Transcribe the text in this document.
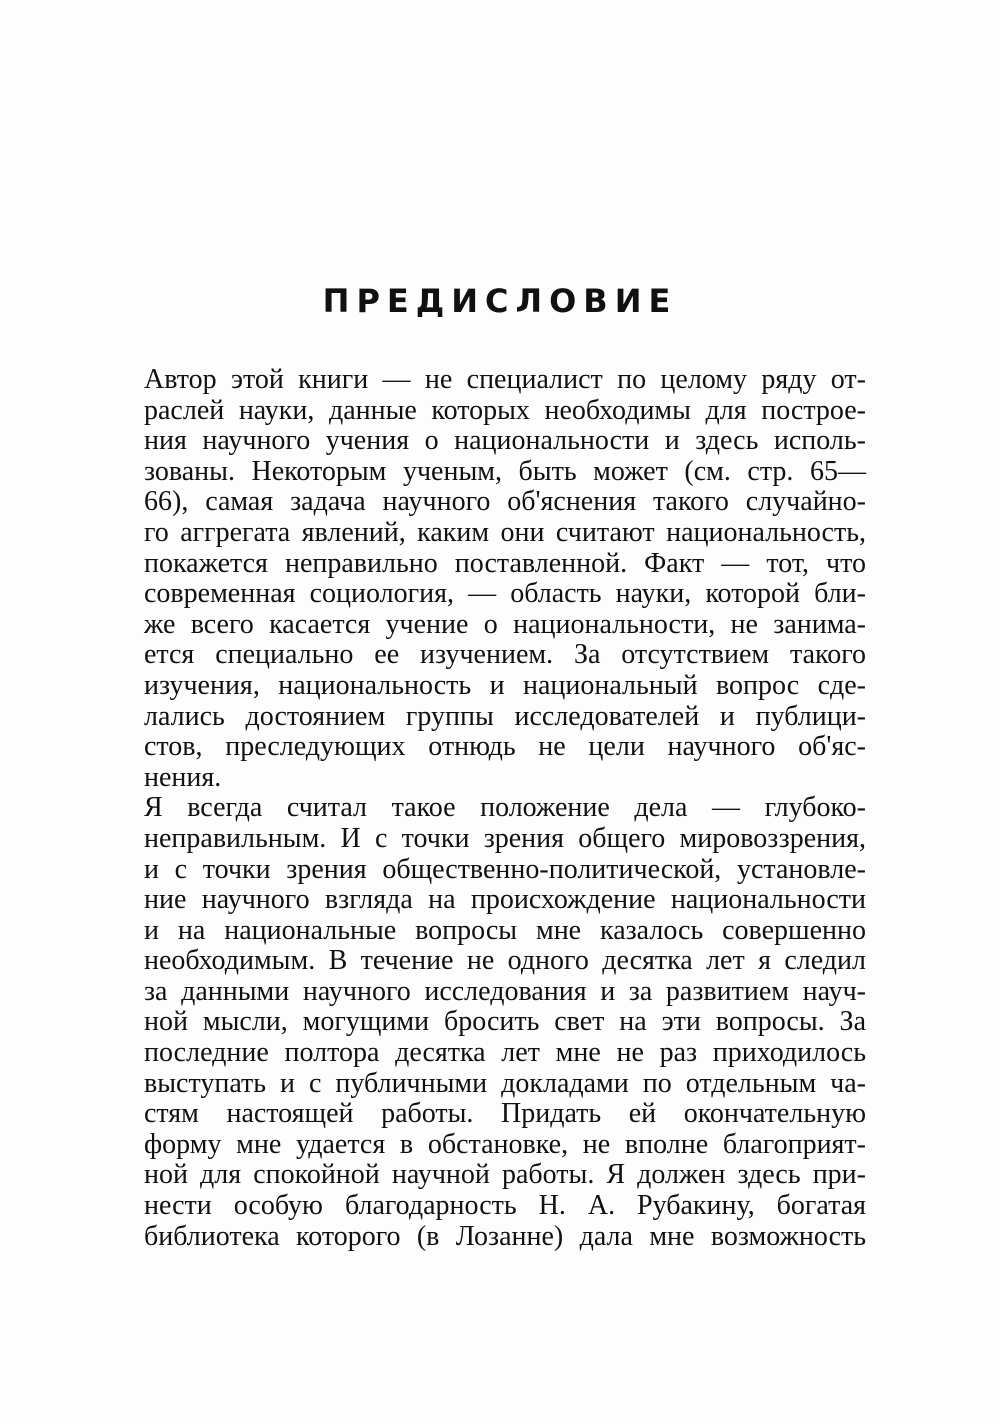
ПРЕДИСЛОВИЕ

Автор этой книги — не специалист по целому ряду от-
раслей науки, данные которых необходимы для построе-
ния научного учения о национальности и здесь исполь-
зованы. Некоторым ученым, быть может (см. стр. 65—
66), самая задача научного об'яснения такого случайно-
го аггрегата явлений, каким они считают национальность,
покажется неправильно поставленной. Факт — тот, что
современная социология, — область науки, которой бли-
же всего касается учение о национальности, не занима-
ется специально ее изучением. За отсутствием такого
изучения, национальность и национальный вопрос сде-
лались достоянием группы исследователей и публици-
стов, преследующих отнюдь не цели научного об'яс-
нения.

Я всегда считал такое положение дела — глубоко-
неправильным. И с точки зрения общего мировоззрения,
и с точки зрения общественно-политической, установле-
ние научного взгляда на происхождение национальности
и на национальные вопросы мне казалось совершенно
необходимым. В течение не одного десятка лет я следил
за данными научного исследования и за развитием науч-
ной мысли, могущими бросить свет на эти вопросы. За
последние полтора десятка лет мне не раз приходилось
выступать и с публичными докладами по отдельным ча-
стям настоящей работы. Придать ей окончательную
форму мне удается в обстановке, не вполне благоприят-
ной для спокойной научной работы. Я должен здесь при-
нести особую благодарность Н. А. Рубакину, богатая
библиотека которого (в Лозанне) дала мне возможность
